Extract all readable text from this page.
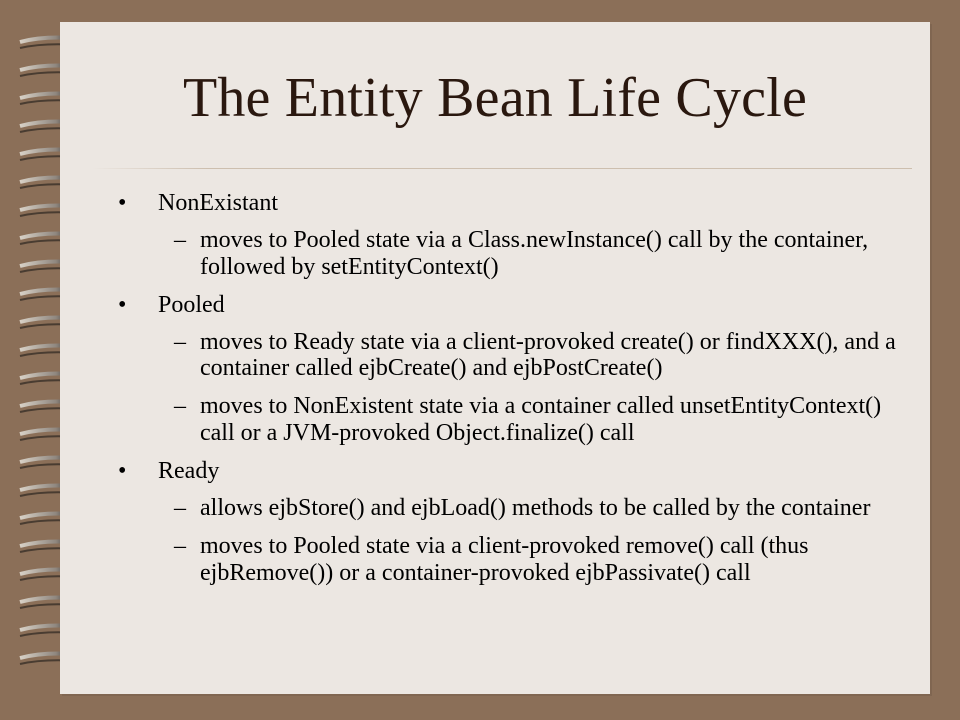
The Entity Bean Life Cycle
•	NonExistant
– moves to Pooled state via a Class.newInstance() call by the container, followed by setEntityContext()
•	Pooled
– moves to Ready state via a client-provoked create() or findXXX(), and a container called ejbCreate() and ejbPostCreate()
– moves to NonExistent state via a container called unsetEntityContext() call or a JVM-provoked Object.finalize() call
•	Ready
– allows ejbStore() and ejbLoad() methods to be called by the container
– moves to Pooled state via a client-provoked remove() call (thus ejbRemove()) or a container-provoked ejbPassivate() call
